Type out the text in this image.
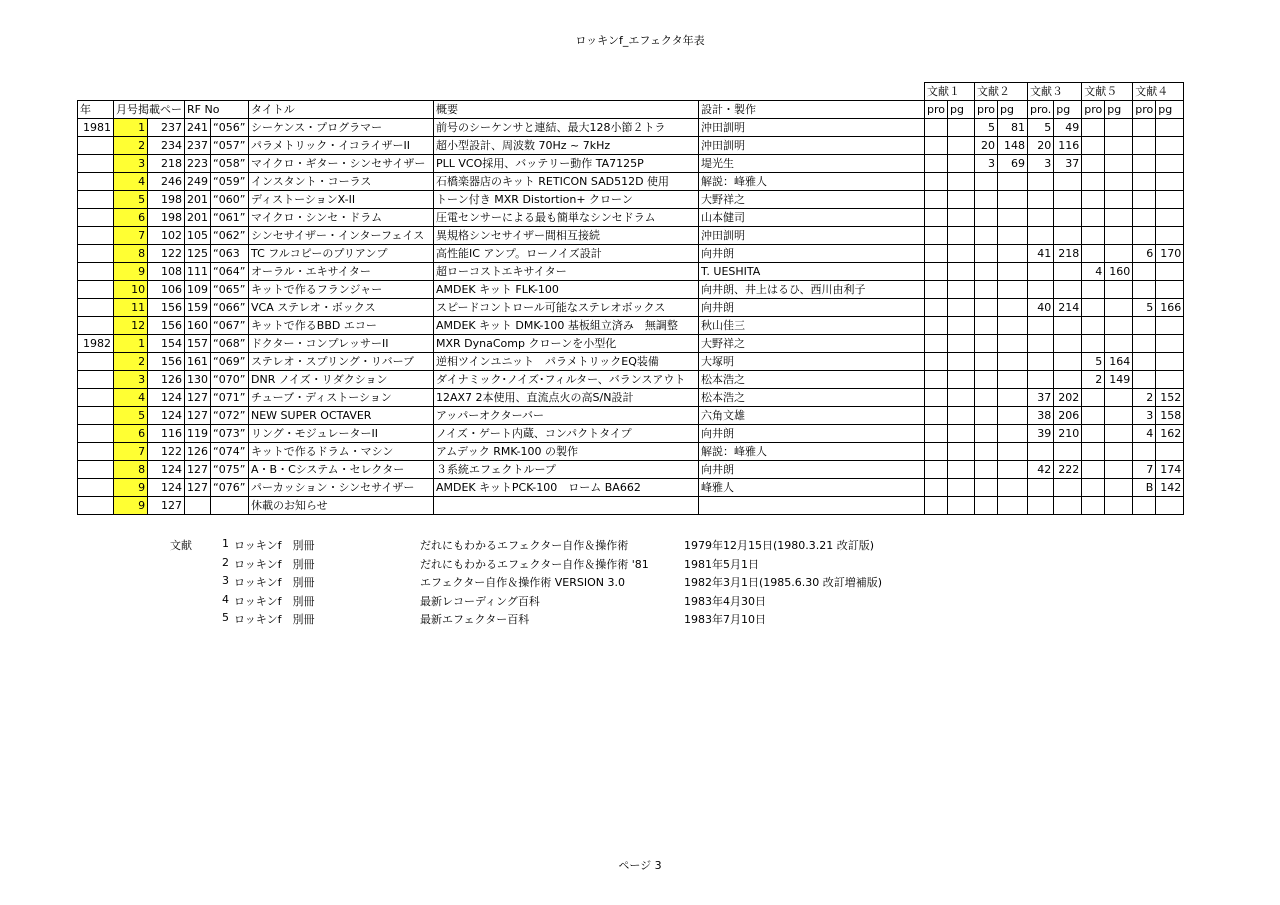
ロッキンf_エフェクタ年表
								文献１		文献２		文献３		文献５		文献４	
年	月号掲載ペー		RF No		タイトル	概要	設計・製作	pro	pg	pro	pg	pro.	pg	pro	pg	pro	pg
1981	1	237	241	“056”	シーケンス・プログラマー	前号のシーケンサと連結、最大128小節２トラ	沖田訓明			5	81	5	49				
	2	234	237	“057”	パラメトリック・イコライザーII	超小型設計、周波数 70Hz ~ 7kHz	沖田訓明			20	148	20	116				
	3	218	223	“058”	マイクロ・ギター・シンセサイザー	PLL VCO採用、バッテリー動作 TA7125P	堤光生			3	69	3	37				
	4	246	249	“059”	インスタント・コーラス	石橋楽器店のキット RETICON SAD512D 使用	解説：峰雅人										
	5	198	201	“060”	ディストーションX-II	トーン付き MXR Distortion+ クローン	大野祥之										
	6	198	201	“061”	マイクロ・シンセ・ドラム	圧電センサーによる最も簡単なシンセドラム	山本健司										
	7	102	105	“062”	シンセサイザー・インターフェイス	異規格シンセサイザー間相互接続	沖田訓明										
	8	122	125	“063	TC フルコピーのプリアンプ	高性能IC アンプ。ローノイズ設計	向井朗					41	218			6	170
	9	108	111	“064”	オーラル・エキサイター	超ローコストエキサイター	T. UESHITA							4	160		
	10	106	109	“065”	キットで作るフランジャー	AMDEK キット FLK-100	向井朗、井上はるひ、西川由利子										
	11	156	159	“066”	VCA ステレオ・ボックス	スピードコントロール可能なステレオボックス	向井朗					40	214			5	166
	12	156	160	“067”	キットで作るBBD エコー	AMDEK キット DMK-100 基板組立済み　無調整	秋山佳三										
1982	1	154	157	“068”	ドクター・コンプレッサーII	MXR DynaComp クローンを小型化	大野祥之										
	2	156	161	“069”	ステレオ・スプリング・リバーブ	逆相ツインユニット　パラメトリックEQ装備	大塚明							5	164		
	3	126	130	“070”	DNR ノイズ・リダクション	ダイナミック･ノイズ･フィルター、バランスアウト	松本浩之							2	149		
	4	124	127	“071”	チューブ・ディストーション	12AX7 2本使用、直流点火の高S/N設計	松本浩之					37	202			2	152
	5	124	127	“072”	NEW SUPER OCTAVER	アッパーオクターバー	六角文雄					38	206			3	158
	6	116	119	“073”	リング・モジュレーターII	ノイズ・ゲート内蔵、コンパクトタイプ	向井朗					39	210			4	162
	7	122	126	“074”	キットで作るドラム・マシン	アムデック RMK-100 の製作	解説：峰雅人										
	8	124	127	“075”	A・B・Cシステム・セレクター	３系統エフェクトループ	向井朗					42	222			7	174
	9	124	127	“076”	パーカッション・シンセサイザー	AMDEK キットPCK-100　ローム BA662	峰雅人									B	142
	9	127			休載のお知らせ												
文献	1 ロッキンf　別冊	だれにもわかるエフェクター自作＆操作術	1979年12月15日(1980.3.21 改訂版)
2 ロッキンf　別冊	だれにもわかるエフェクター自作＆操作術 '81	1981年5月1日
3 ロッキンf　別冊	エフェクター自作＆操作術 VERSION 3.0	1982年3月1日(1985.6.30 改訂増補版)
4 ロッキンf　別冊	最新レコーディング百科	1983年4月30日
5 ロッキンf　別冊	最新エフェクター百科	1983年7月10日
ページ 3
